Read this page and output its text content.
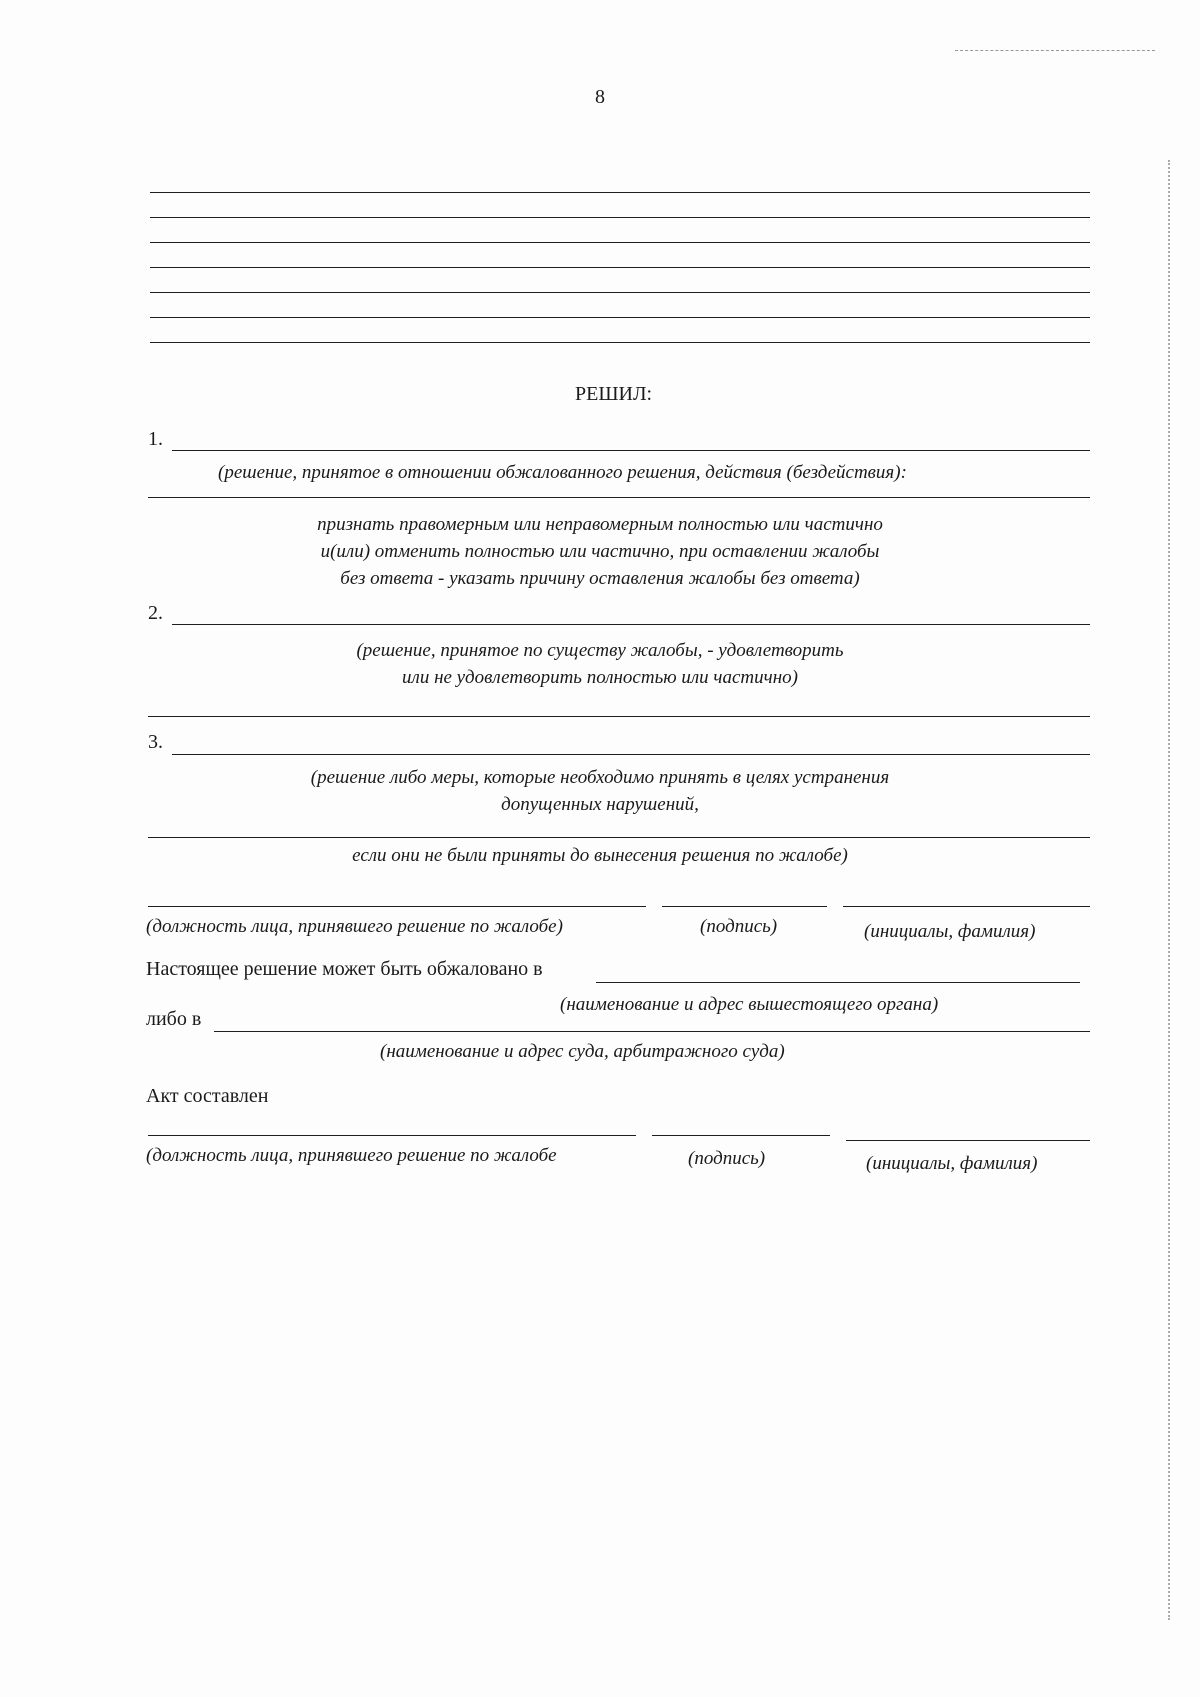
8
РЕШИЛ:
1.
(решение, принятое в отношении обжалованного решения, действия (бездействия):
признать правомерным или неправомерным полностью или частично
и(или) отменить полностью или частично, при оставлении жалобы
без ответа - указать причину оставления жалобы без ответа)
2.
(решение, принятое по существу жалобы, - удовлетворить
или не удовлетворить полностью или частично)
3.
(решение либо меры, которые необходимо принять в целях устранения
допущенных нарушений,
если они не были приняты до вынесения решения по жалобе)
(должность лица, принявшего решение по жалобе)	(подпись)	(инициалы, фамилия)
Настоящее решение может быть обжаловано в
(наименование и адрес вышестоящего органа)
либо в
(наименование и адрес суда, арбитражного суда)
Акт составлен
(должность лица, принявшего решение по жалобе	(подпись)	(инициалы, фамилия)
